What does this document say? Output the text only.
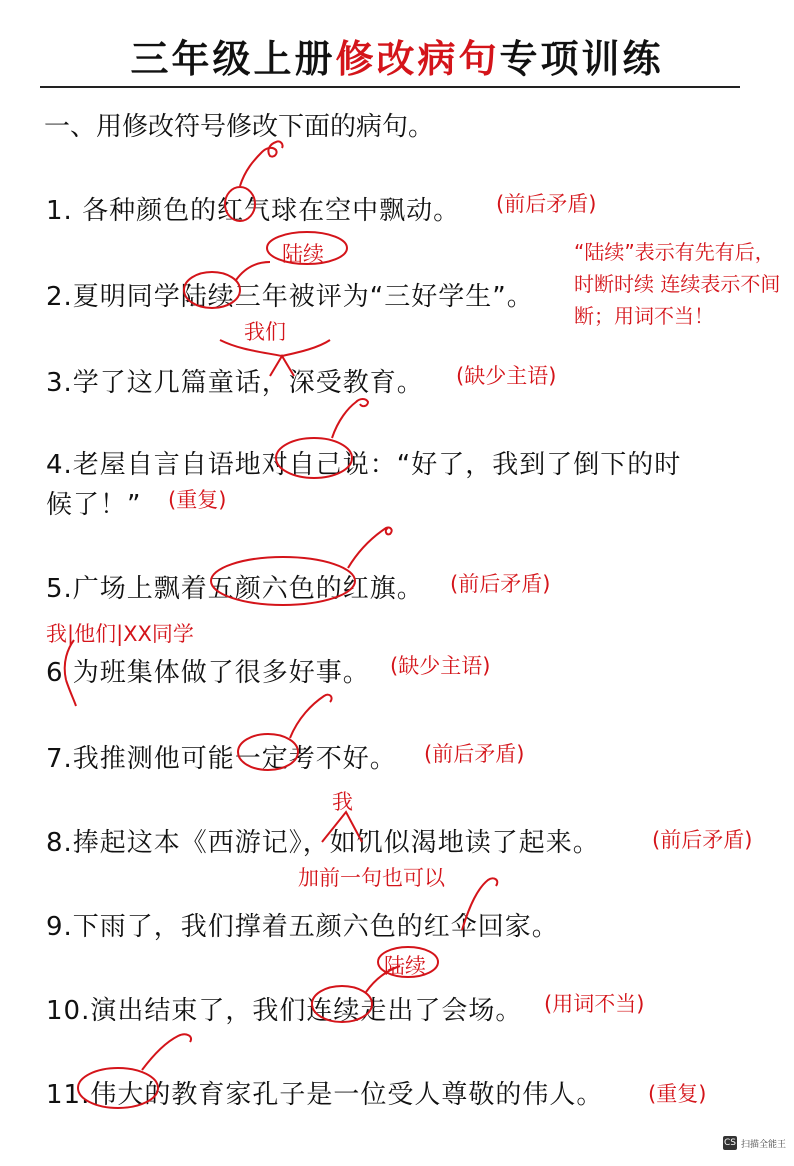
三年级上册修改病句专项训练
一、用修改符号修改下面的病句。
1. 各种颜色的红气球在空中飘动。 (前后矛盾)
2.夏明同学陆续三年被评为“三好学生”。
陆续	“陆续”表示有先有后，时断时续 连续表示不间断；用词不当！
3.学了这几篇童话，深受教育。
我们
(缺少主语)
4.老屋自言自语地对自己说：“好了，我到了倒下的时
候了！” (重复)
5.广场上飘着五颜六色的红旗。 (前后矛盾)
6 为班集体做了很多好事。
我|他们|XX同学
(缺少主语)
7.我推测他可能一定考不好。 (前后矛盾)
8.捧起这本《西游记》，如饥似渴地读了起来。
我
加前一句也可以
(前后矛盾)
9.下雨了，我们撑着五颜六色的红伞回家。
10.演出结束了，我们连续走出了会场。
陆续
(用词不当)
11.伟大的教育家孔子是一位受人尊敬的伟人。 (重复)
CS 扫描全能王
